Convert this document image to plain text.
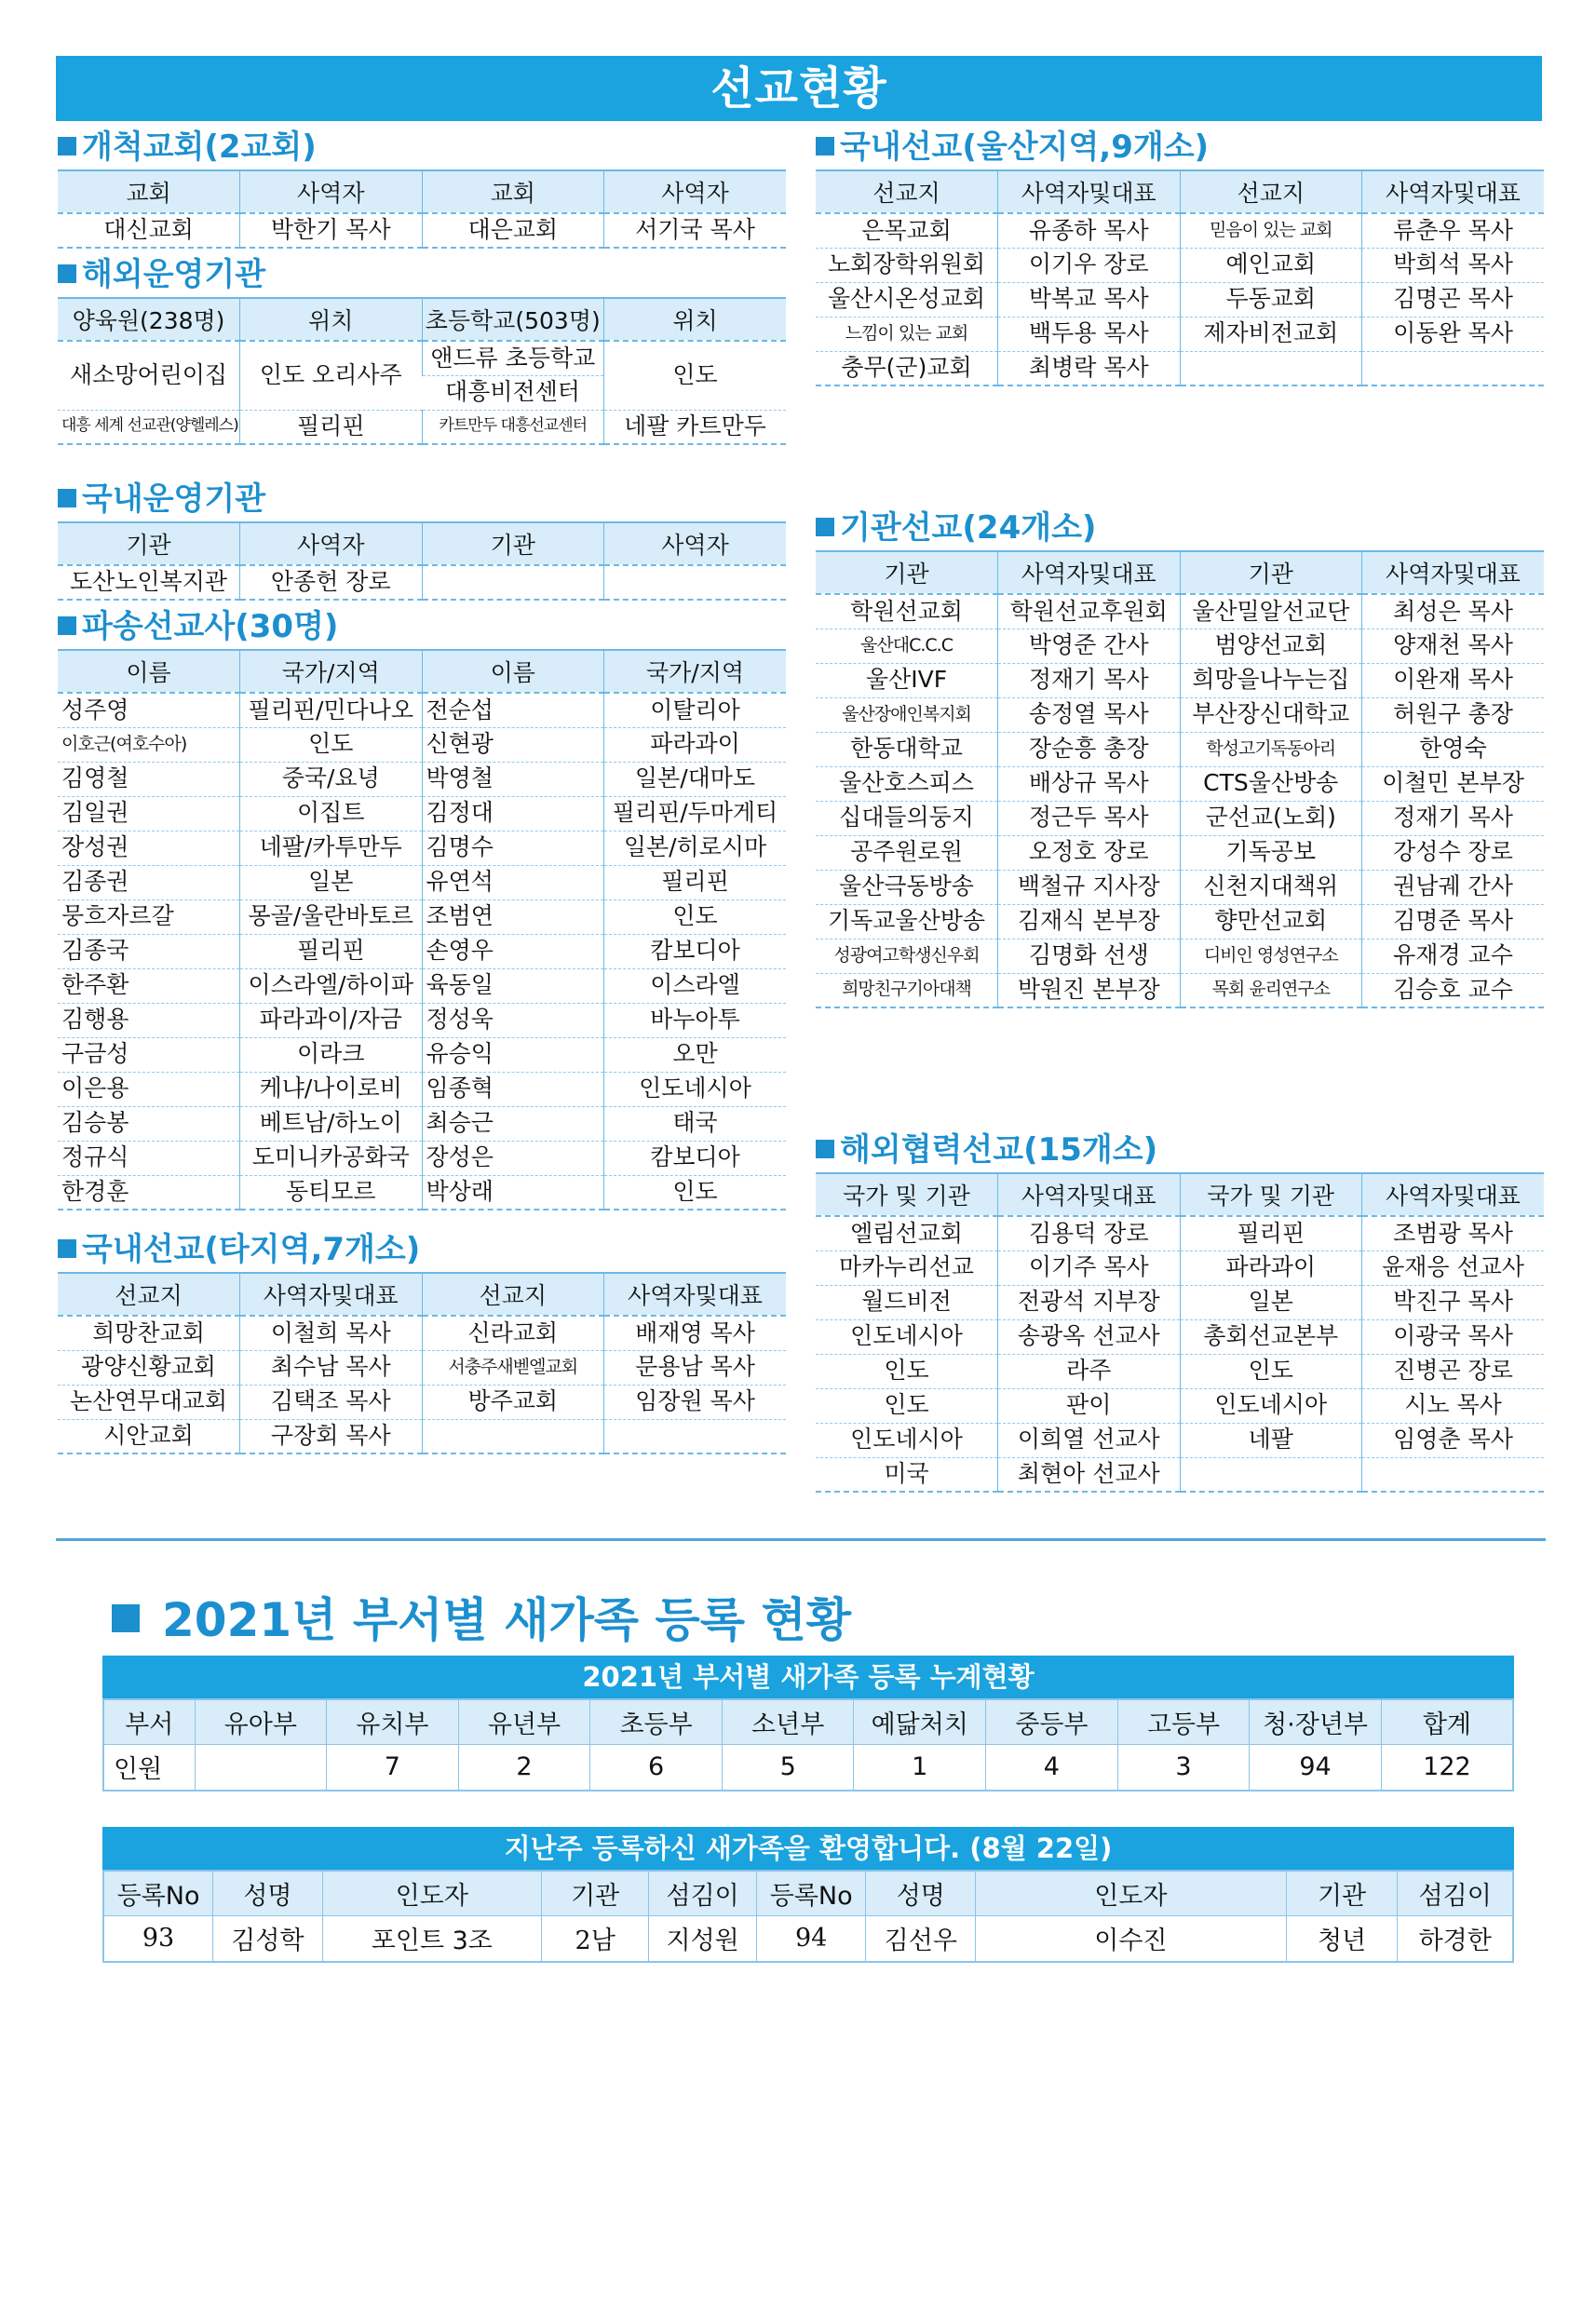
선교현황
개척교회(2교회)
교회	사역자	교회	사역자
대신교회	박한기 목사	대은교회	서기국 목사
해외운영기관
양육원(238명)	위치	초등학교(503명)	위치
새소망어린이집	인도 오리사주	앤드류 초등학교	인도
		대흥비전센터	
대흥 세계 선교관(양헬레스)	필리핀	카트만두 대흥선교센터	네팔 카트만두
국내운영기관
기관	사역자	기관	사역자
도산노인복지관	안종헌 장로		
파송선교사(30명)
이름	국가/지역	이름	국가/지역
성주영	필리핀/민다나오	전순섭	이탈리아
이호근(여호수아)	인도	신현광	파라과이
김영철	중국/요녕	박영철	일본/대마도
김일권	이집트	김정대	필리핀/두마게티
장성권	네팔/카투만두	김명수	일본/히로시마
김종권	일본	유연석	필리핀
뭉흐자르갈	몽골/울란바토르	조범연	인도
김종국	필리핀	손영우	캄보디아
한주환	이스라엘/하이파	육동일	이스라엘
김행용	파라과이/자금	정성욱	바누아투
구금성	이라크	유승익	오만
이은용	케냐/나이로비	임종혁	인도네시아
김승봉	베트남/하노이	최승근	태국
정규식	도미니카공화국	장성은	캄보디아
한경훈	동티모르	박상래	인도
국내선교(타지역,7개소)
선교지	사역자및대표	선교지	사역자및대표
희망찬교회	이철희 목사	신라교회	배재영 목사
광양신황교회	최수남 목사	서충주새벧엘교회	문용남 목사
논산연무대교회	김택조 목사	방주교회	임장원 목사
시안교회	구장회 목사		
국내선교(울산지역,9개소)
선교지	사역자및대표	선교지	사역자및대표
은목교회	유종하 목사	믿음이 있는 교회	류춘우 목사
노회장학위원회	이기우 장로	예인교회	박희석 목사
울산시온성교회	박복교 목사	두동교회	김명곤 목사
느낌이 있는 교회	백두용 목사	제자비전교회	이동완 목사
충무(군)교회	최병락 목사		
기관선교(24개소)
기관	사역자및대표	기관	사역자및대표
학원선교회	학원선교후원회	울산밀알선교단	최성은 목사
울산대C.C.C	박영준 간사	범양선교회	양재천 목사
울산IVF	정재기 목사	희망을나누는집	이완재 목사
울산장애인복지회	송정열 목사	부산장신대학교	허원구 총장
한동대학교	장순흥 총장	학성고기독동아리	한영숙
울산호스피스	배상규 목사	CTS울산방송	이철민 본부장
십대들의둥지	정근두 목사	군선교(노회)	정재기 목사
공주원로원	오정호 장로	기독공보	강성수 장로
울산극동방송	백철규 지사장	신천지대책위	권남궤 간사
기독교울산방송	김재식 본부장	향만선교회	김명준 목사
성광여고학생신우회	김명화 선생	디비인 영성연구소	유재경 교수
희망친구기아대책	박원진 본부장	목회 윤리연구소	김승호 교수
해외협력선교(15개소)
국가 및 기관	사역자및대표	국가 및 기관	사역자및대표
엘림선교회	김용덕 장로	필리핀	조범광 목사
마카누리선교	이기주 목사	파라과이	윤재응 선교사
월드비전	전광석 지부장	일본	박진구 목사
인도네시아	송광옥 선교사	총회선교본부	이광국 목사
인도	라주	인도	진병곤 장로
인도	판이	인도네시아	시노 목사
인도네시아	이희열 선교사	네팔	임영춘 목사
미국	최현아 선교사		
2021년 부서별 새가족 등록 현황
2021년 부서별 새가족 등록 누계현황
부서	유아부	유치부	유년부	초등부	소년부	예닮처치	중등부	고등부	청·장년부	합계
인원		7	2	6	5	1	4	3	94	122
지난주 등록하신 새가족을 환영합니다. (8월 22일)
등록No	성명	인도자	기관	섬김이	등록No	성명	인도자	기관	섬김이
93	김성학	포인트 3조	2남	지성원	94	김선우	이수진	청년	하경한
